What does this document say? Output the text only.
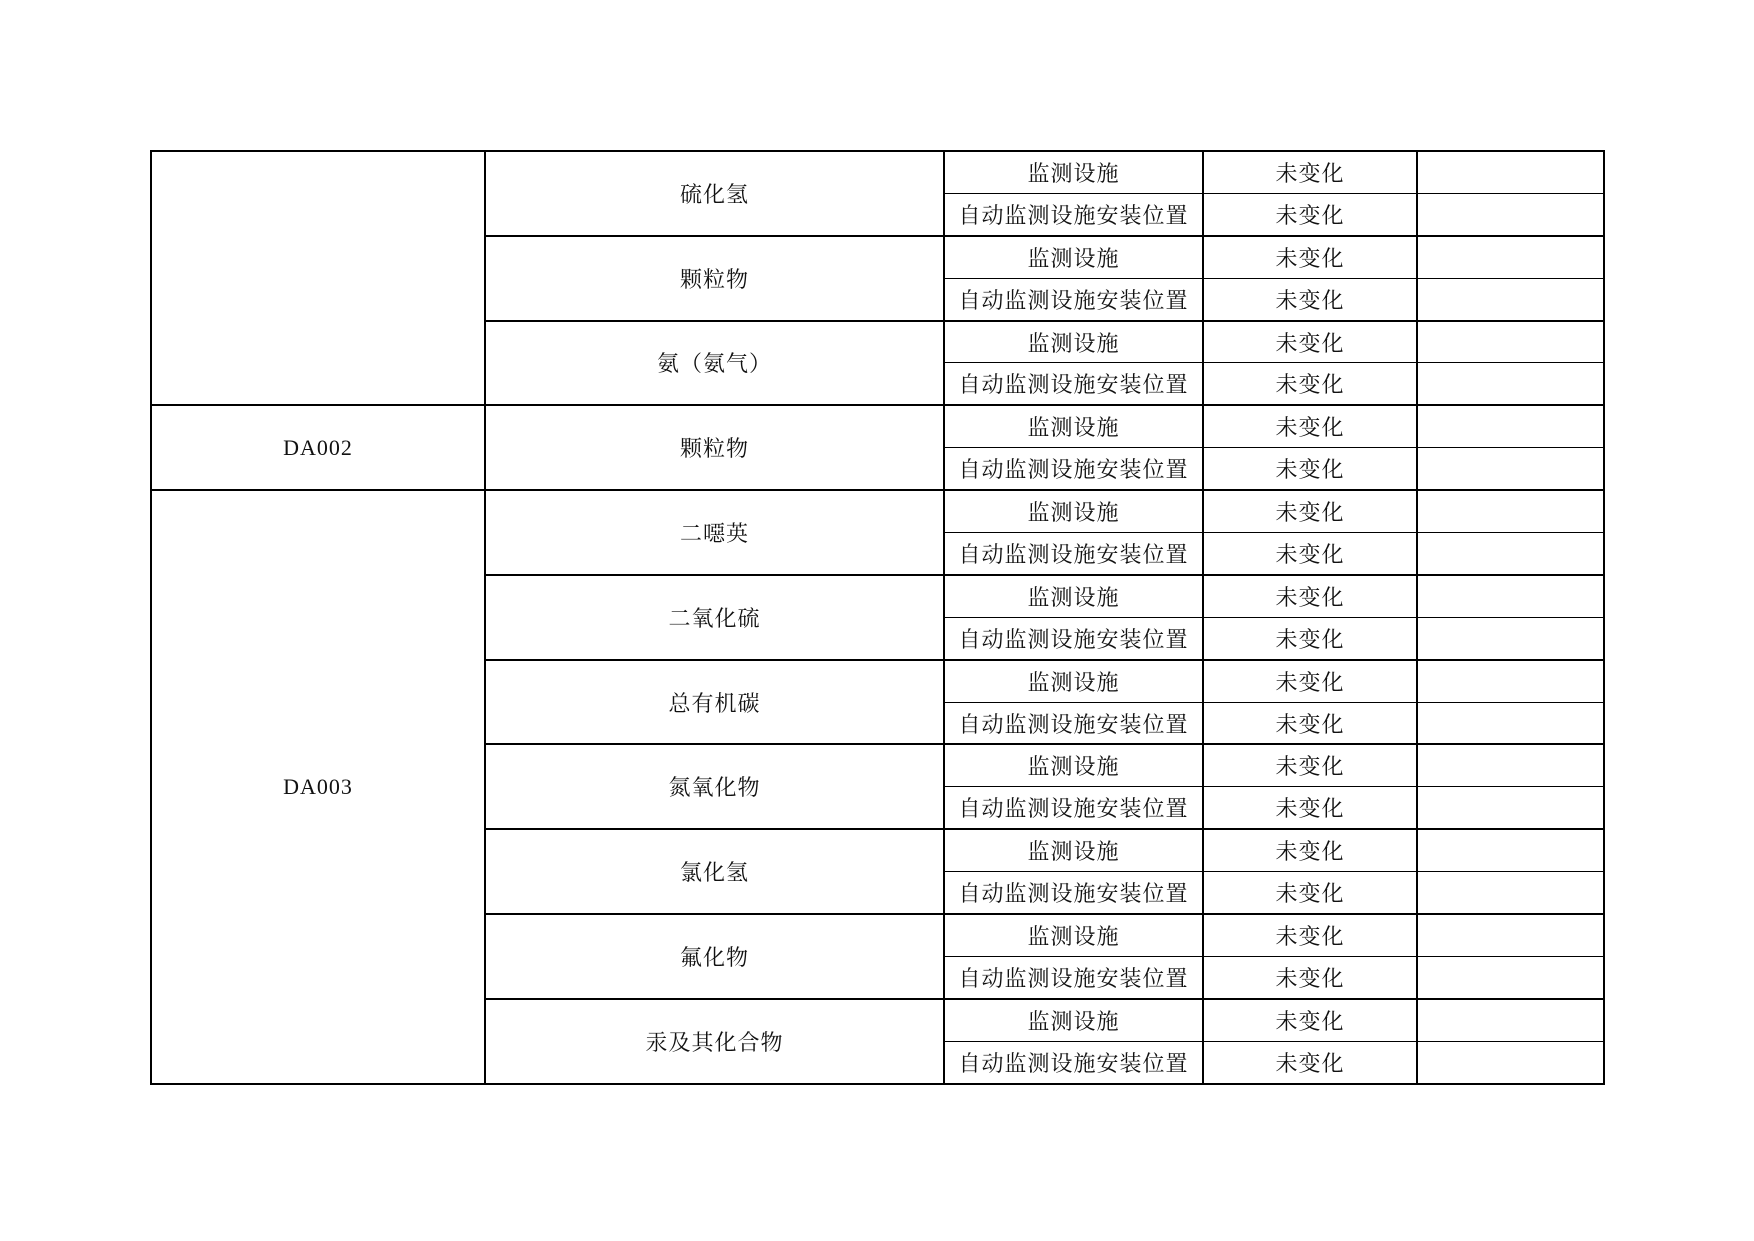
	硫化氢	监测设施	未变化	
		自动监测设施安装位置	未变化	
	颗粒物	监测设施	未变化	
		自动监测设施安装位置	未变化	
	氨（氨气）	监测设施	未变化	
		自动监测设施安装位置	未变化	
DA002	颗粒物	监测设施	未变化	
		自动监测设施安装位置	未变化	
DA003	二噁英	监测设施	未变化	
		自动监测设施安装位置	未变化	
	二氧化硫	监测设施	未变化	
		自动监测设施安装位置	未变化	
	总有机碳	监测设施	未变化	
		自动监测设施安装位置	未变化	
	氮氧化物	监测设施	未变化	
		自动监测设施安装位置	未变化	
	氯化氢	监测设施	未变化	
		自动监测设施安装位置	未变化	
	氟化物	监测设施	未变化	
		自动监测设施安装位置	未变化	
	汞及其化合物	监测设施	未变化	
		自动监测设施安装位置	未变化	
